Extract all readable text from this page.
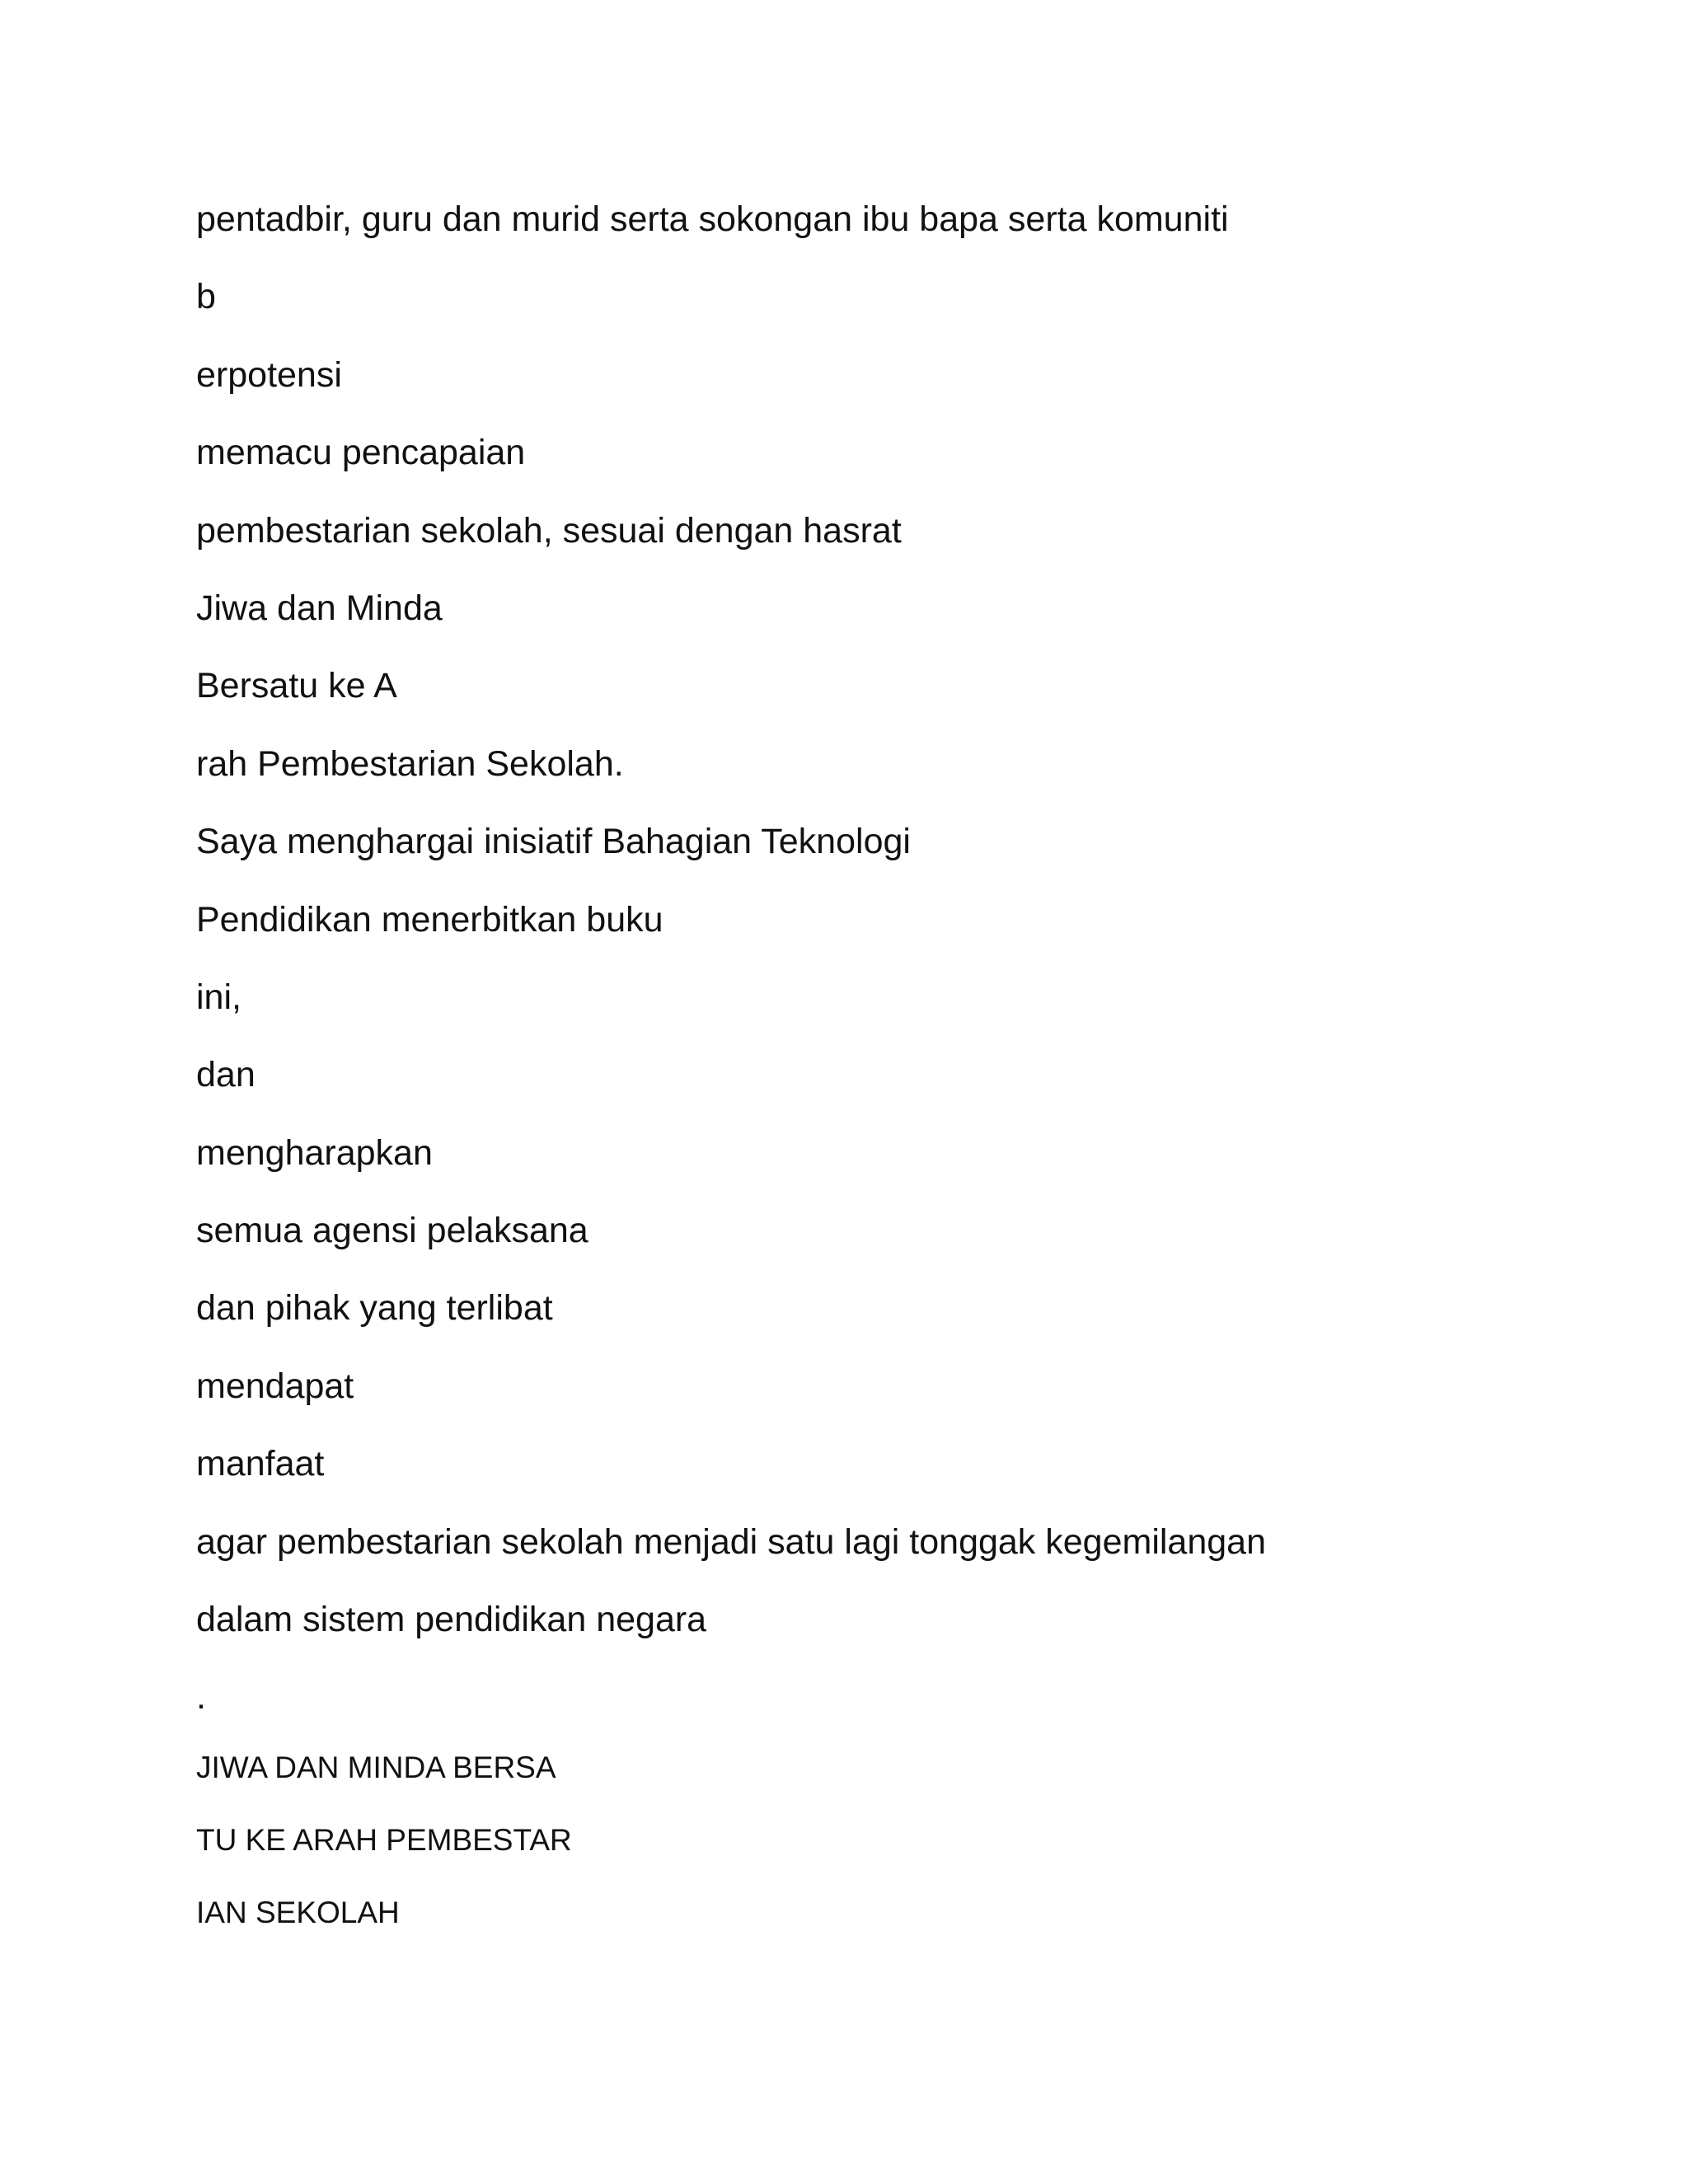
pentadbir, guru dan murid serta sokongan ibu bapa serta komuniti
b
erpotensi
memacu pencapaian
pembestarian sekolah, sesuai dengan hasrat
Jiwa dan Minda
Bersatu ke A
rah Pembestarian Sekolah.
Saya menghargai inisiatif Bahagian Teknologi
Pendidikan menerbitkan buku
ini,
dan
mengharapkan
semua agensi pelaksana
dan pihak yang terlibat
mendapat
manfaat
agar pembestarian sekolah menjadi satu lagi tonggak kegemilangan
dalam sistem pendidikan negara
.
JIWA DAN MINDA BERSA
TU KE ARAH PEMBESTAR
IAN SEKOLAH
